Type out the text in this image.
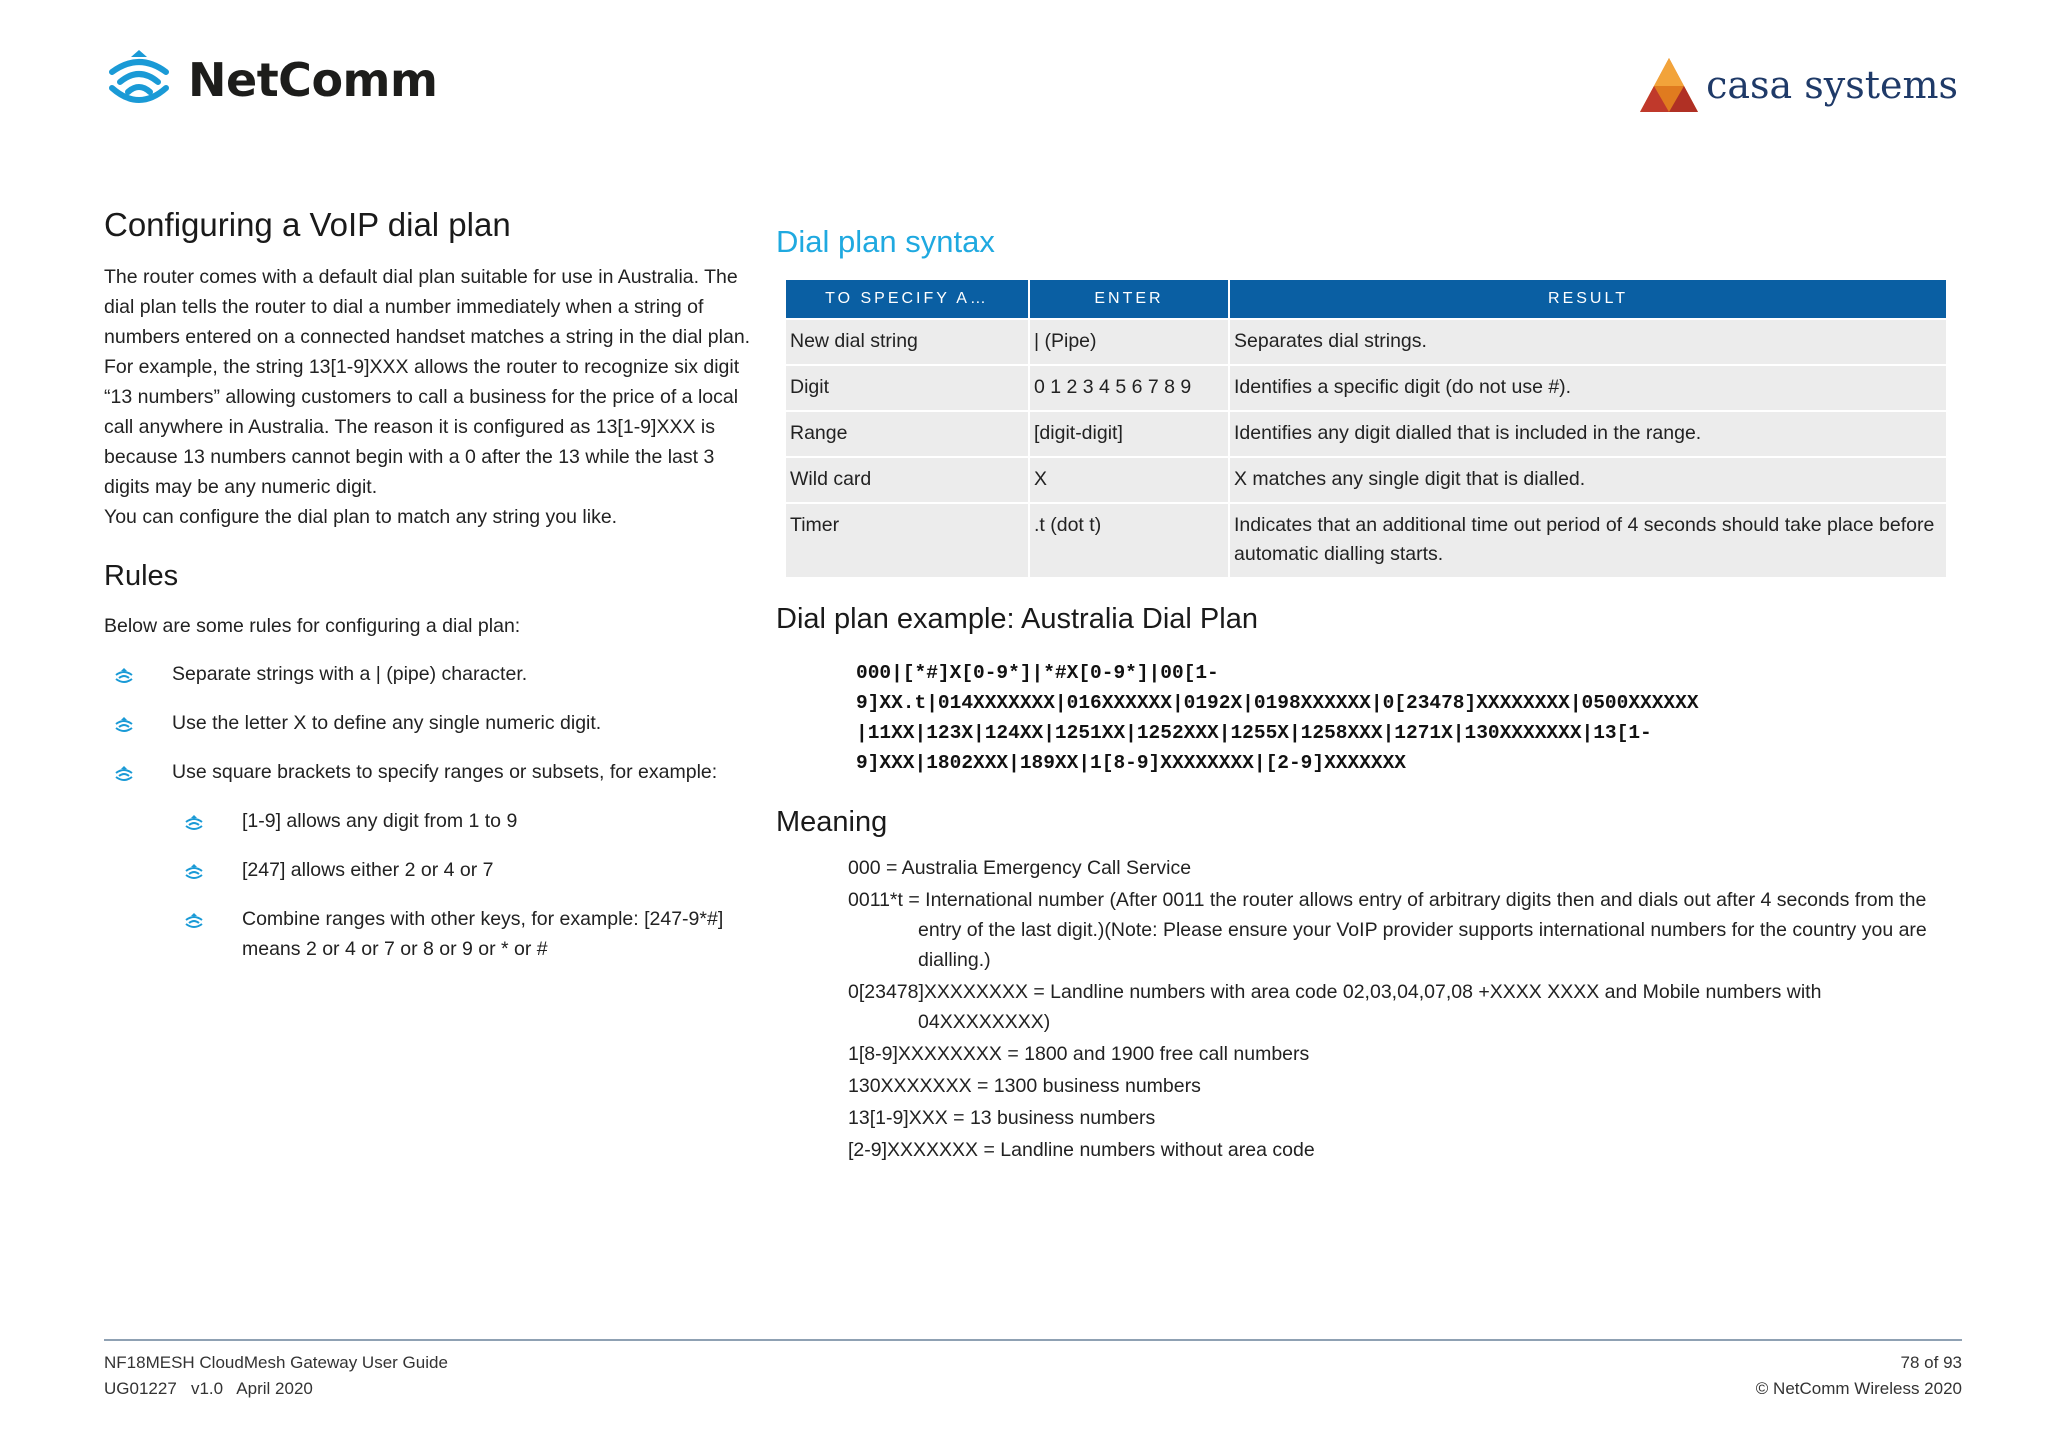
NetComm	casa systems
Configuring a VoIP dial plan

The router comes with a default dial plan suitable for use in Australia. The dial plan tells the router to dial a number immediately when a string of numbers entered on a connected handset matches a string in the dial plan.

For example, the string 13[1-9]XXX allows the router to recognize six digit “13 numbers” allowing customers to call a business for the price of a local call anywhere in Australia. The reason it is configured as 13[1-9]XXX is because 13 numbers cannot begin with a 0 after the 13 while the last 3 digits may be any numeric digit.

You can configure the dial plan to match any string you like.

Rules

Below are some rules for configuring a dial plan:

Separate strings with a | (pipe) character.
Use the letter X to define any single numeric digit.
Use square brackets to specify ranges or subsets, for example:
[1-9] allows any digit from 1 to 9
[247] allows either 2 or 4 or 7
Combine ranges with other keys, for example: [247-9*#] means 2 or 4 or 7 or 8 or 9 or * or #
Dial plan syntax
TO SPECIFY A…	ENTER	RESULT
New dial string	| (Pipe)	Separates dial strings.
Digit	0 1 2 3 4 5 6 7 8 9	Identifies a specific digit (do not use #).
Range	[digit-digit]	Identifies any digit dialled that is included in the range.
Wild card	X	X matches any single digit that is dialled.
Timer	.t (dot t)	Indicates that an additional time out period of 4 seconds should take place before automatic dialling starts.
Dial plan example: Australia Dial Plan
000|[*#]X[0-9*]|*#X[0-9*]|00[1-
9]XX.t|014XXXXXXX|016XXXXXX|0192X|0198XXXXXX|0[23478]XXXXXXXX|0500XXXXXX
|11XX|123X|124XX|1251XX|1252XXX|1255X|1258XXX|1271X|130XXXXXXX|13[1-
9]XXX|1802XXX|189XX|1[8-9]XXXXXXXX|[2-9]XXXXXXX
Meaning
000 = Australia Emergency Call Service
0011*t = International number (After 0011 the router allows entry of arbitrary digits then and dials out after 4 seconds from the entry of the last digit.)(Note: Please ensure your VoIP provider supports international numbers for the country you are dialling.)
0[23478]XXXXXXXX = Landline numbers with area code 02,03,04,07,08 +XXXX XXXX and Mobile numbers with 04XXXXXXXX)
1[8-9]XXXXXXXX = 1800 and 1900 free call numbers
130XXXXXXX = 1300 business numbers
13[1-9]XXX = 13 business numbers
[2-9]XXXXXXX = Landline numbers without area code
NF18MESH CloudMesh Gateway User Guide
UG01227   v1.0   April 2020
78 of 93
© NetComm Wireless 2020
